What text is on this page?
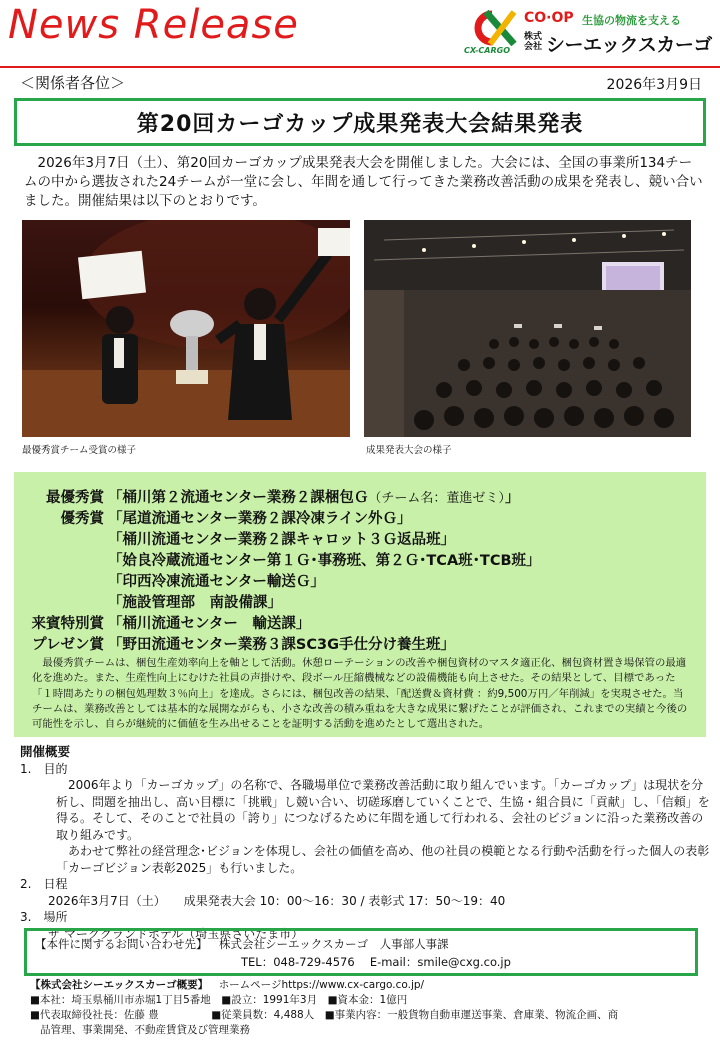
News Release
CX-CARGO
CO·OP 生協の物流を支える
株式会社 シーエックスカーゴ
＜関係者各位＞	2026年3月9日
第20回カーゴカップ成果発表大会結果発表

2026年3月7日（土）、第20回カーゴカップ成果発表大会を開催しました。大会には、全国の事業所134チームの中から選抜された24チームが一堂に会し、年間を通して行ってきた業務改善活動の成果を発表し、競い合いました。開催結果は以下のとおりです。

最優秀賞チーム受賞の様子	成果発表大会の様子
最優秀賞 「桶川第２流通センター業務２課梱包Ｇ（チーム名：董進ゼミ）」
優秀賞 「尾道流通センター業務２課冷凍ライン外Ｇ」
「桶川流通センター業務２課キャロット３Ｇ返品班」
「姶良冷蔵流通センター第１Ｇ･事務班、第２Ｇ･TCA班･TCB班」
「印西冷凍流通センター輸送Ｇ」
「施設管理部　南設備課」
来賓特別賞 「桶川流通センター　輸送課」
プレゼン賞 「野田流通センター業務３課SC3G手仕分け養生班」

最優秀賞チームは、梱包生産効率向上を軸として活動。休憩ローテーションの改善や梱包資材のマスタ適正化、梱包資材置き場保管の最適化を進めた。また、生産性向上にむけた社員の声掛けや、段ボール圧縮機械などの設備機能も向上させた。その結果として、目標であった「１時間あたりの梱包処理数３％向上」を達成。さらには、梱包改善の結果、「配送費＆資材費 ：約9,500万円／年削減」を実現させた。当チームは、業務改善としては基本的な展開ながらも、小さな改善の積み重ねを大きな成果に繋げたことが評価され、これまでの実績と今後の可能性を示し、自らが継続的に価値を生み出せることを証明する活動を進めたとして選出された。

開催概要
1.  目的

2006年より「カーゴカップ」の名称で、各職場単位で業務改善活動に取り組んでいます。「カーゴカップ」は現状を分析し、問題を抽出し、高い目標に「挑戦」し競い合い、切磋琢磨していくことで、生協・組合員に「貢献」し、「信頼」を得る。そして、そのことで社員の「誇り」につなげるために年間を通して行われる、会社のビジョンに沿った業務改善の取り組みです。

あわせて弊社の経営理念･ビジョンを体現し、会社の価値を高め、他の社員の模範となる行動や活動を行った個人の表彰「カーゴビジョン表彰2025」も行いました。

2.  日程

2026年3月7日（土）　　成果発表大会 10：00～16：30 / 表彰式 17：50～19：40

3.  場所

ザ マークグランドホテル（埼玉県さいたま市）

【本件に関するお問い合わせ先】  株式会社シーエックスカーゴ　人事部人事課
TEL：048-729-4576　 E-mail：smile@cxg.co.jp
【株式会社シーエックスカーゴ概要】  ホームページhttps://www.cx-cargo.co.jp/
■本社：埼玉県桶川市赤堀1丁目5番地　■設立：1991年3月　■資本金：1億円
■代表取締役社長：佐藤 豊　　　　　■従業員数：4,488人　■事業内容：一般貨物自動車運送事業、倉庫業、物流企画、商
品管理、事業開発、不動産賃貸及び管理業務
